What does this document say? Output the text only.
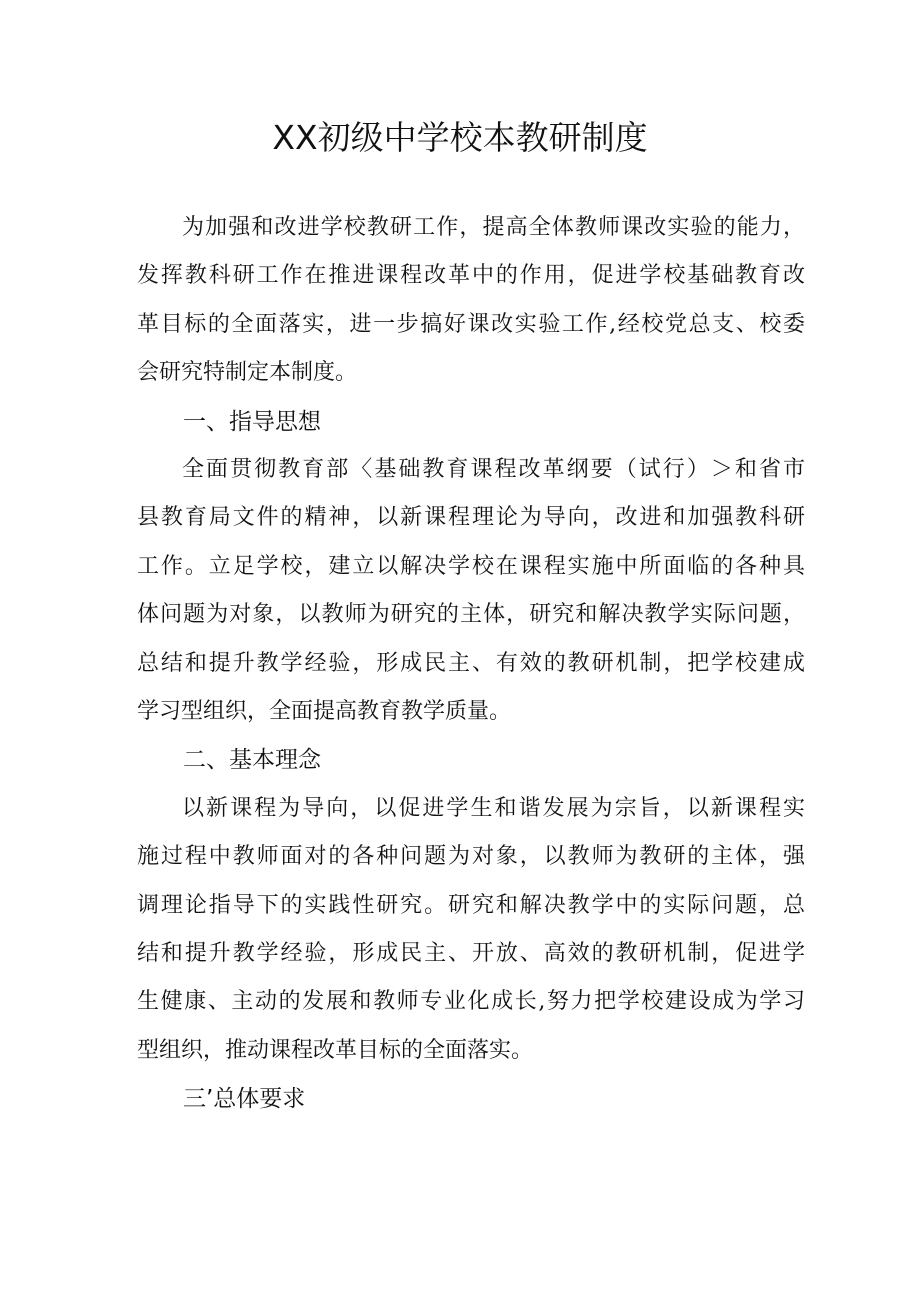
XX初级中学校本教研制度
为加强和改进学校教研工作，提高全体教师课改实验的能力，
发挥教科研工作在推进课程改革中的作用，促进学校基础教育改
革目标的全面落实，进一步搞好课改实验工作,经校党总支、校委
会研究特制定本制度。
一、指导思想
全面贯彻教育部〈基础教育课程改革纲要（试行）＞和省市
县教育局文件的精神，以新课程理论为导向，改进和加强教科研
工作。立足学校，建立以解决学校在课程实施中所面临的各种具
体问题为对象，以教师为研究的主体，研究和解决教学实际问题，
总结和提升教学经验，形成民主、有效的教研机制，把学校建成
学习型组织，全面提高教育教学质量。
二、基本理念
以新课程为导向，以促进学生和谐发展为宗旨，以新课程实
施过程中教师面对的各种问题为对象，以教师为教研的主体，强
调理论指导下的实践性研究。研究和解决教学中的实际问题，总
结和提升教学经验，形成民主、开放、高效的教研机制，促进学
生健康、主动的发展和教师专业化成长,努力把学校建设成为学习
型组织，推动课程改革目标的全面落实。
三’总体要求
